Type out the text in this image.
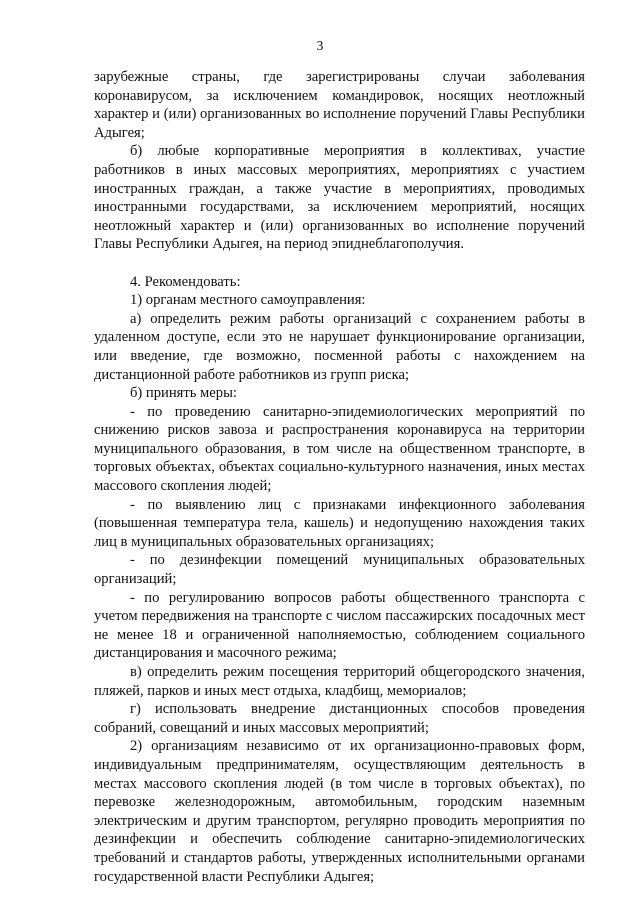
3

зарубежные страны, где зарегистрированы случаи заболевания коронавирусом, за исключением командировок, носящих неотложный характер и (или) организованных во исполнение поручений Главы Республики Адыгея;

б) любые корпоративные мероприятия в коллективах, участие работников в иных массовых мероприятиях, мероприятиях с участием иностранных граждан, а также участие в мероприятиях, проводимых иностранными государствами, за исключением мероприятий, носящих неотложный характер и (или) организованных во исполнение поручений Главы Республики Адыгея, на период эпиднеблагополучия.

4. Рекомендовать:

1) органам местного самоуправления:

а) определить режим работы организаций с сохранением работы в удаленном доступе, если это не нарушает функционирование организации, или введение, где возможно, посменной работы с нахождением на дистанционной работе работников из групп риска;

б) принять меры:

- по проведению санитарно-эпидемиологических мероприятий по снижению рисков завоза и распространения коронавируса на территории муниципального образования, в том числе на общественном транспорте, в торговых объектах, объектах социально-культурного назначения, иных местах массового скопления людей;

- по выявлению лиц с признаками инфекционного заболевания (повышенная температура тела, кашель) и недопущению нахождения таких лиц в муниципальных образовательных организациях;

- по дезинфекции помещений муниципальных образовательных организаций;

- по регулированию вопросов работы общественного транспорта с учетом передвижения на транспорте с числом пассажирских посадочных мест не менее 18 и ограниченной наполняемостью, соблюдением социального дистанцирования и масочного режима;

в) определить режим посещения территорий общегородского значения, пляжей, парков и иных мест отдыха, кладбищ, мемориалов;

г) использовать внедрение дистанционных способов проведения собраний, совещаний и иных массовых мероприятий;

2) организациям независимо от их организационно-правовых форм, индивидуальным предпринимателям, осуществляющим деятельность в местах массового скопления людей (в том числе в торговых объектах), по перевозке железнодорожным, автомобильным, городским наземным электрическим и другим транспортом, регулярно проводить мероприятия по дезинфекции и обеспечить соблюдение санитарно-эпидемиологических требований и стандартов работы, утвержденных исполнительными органами государственной власти Республики Адыгея;
